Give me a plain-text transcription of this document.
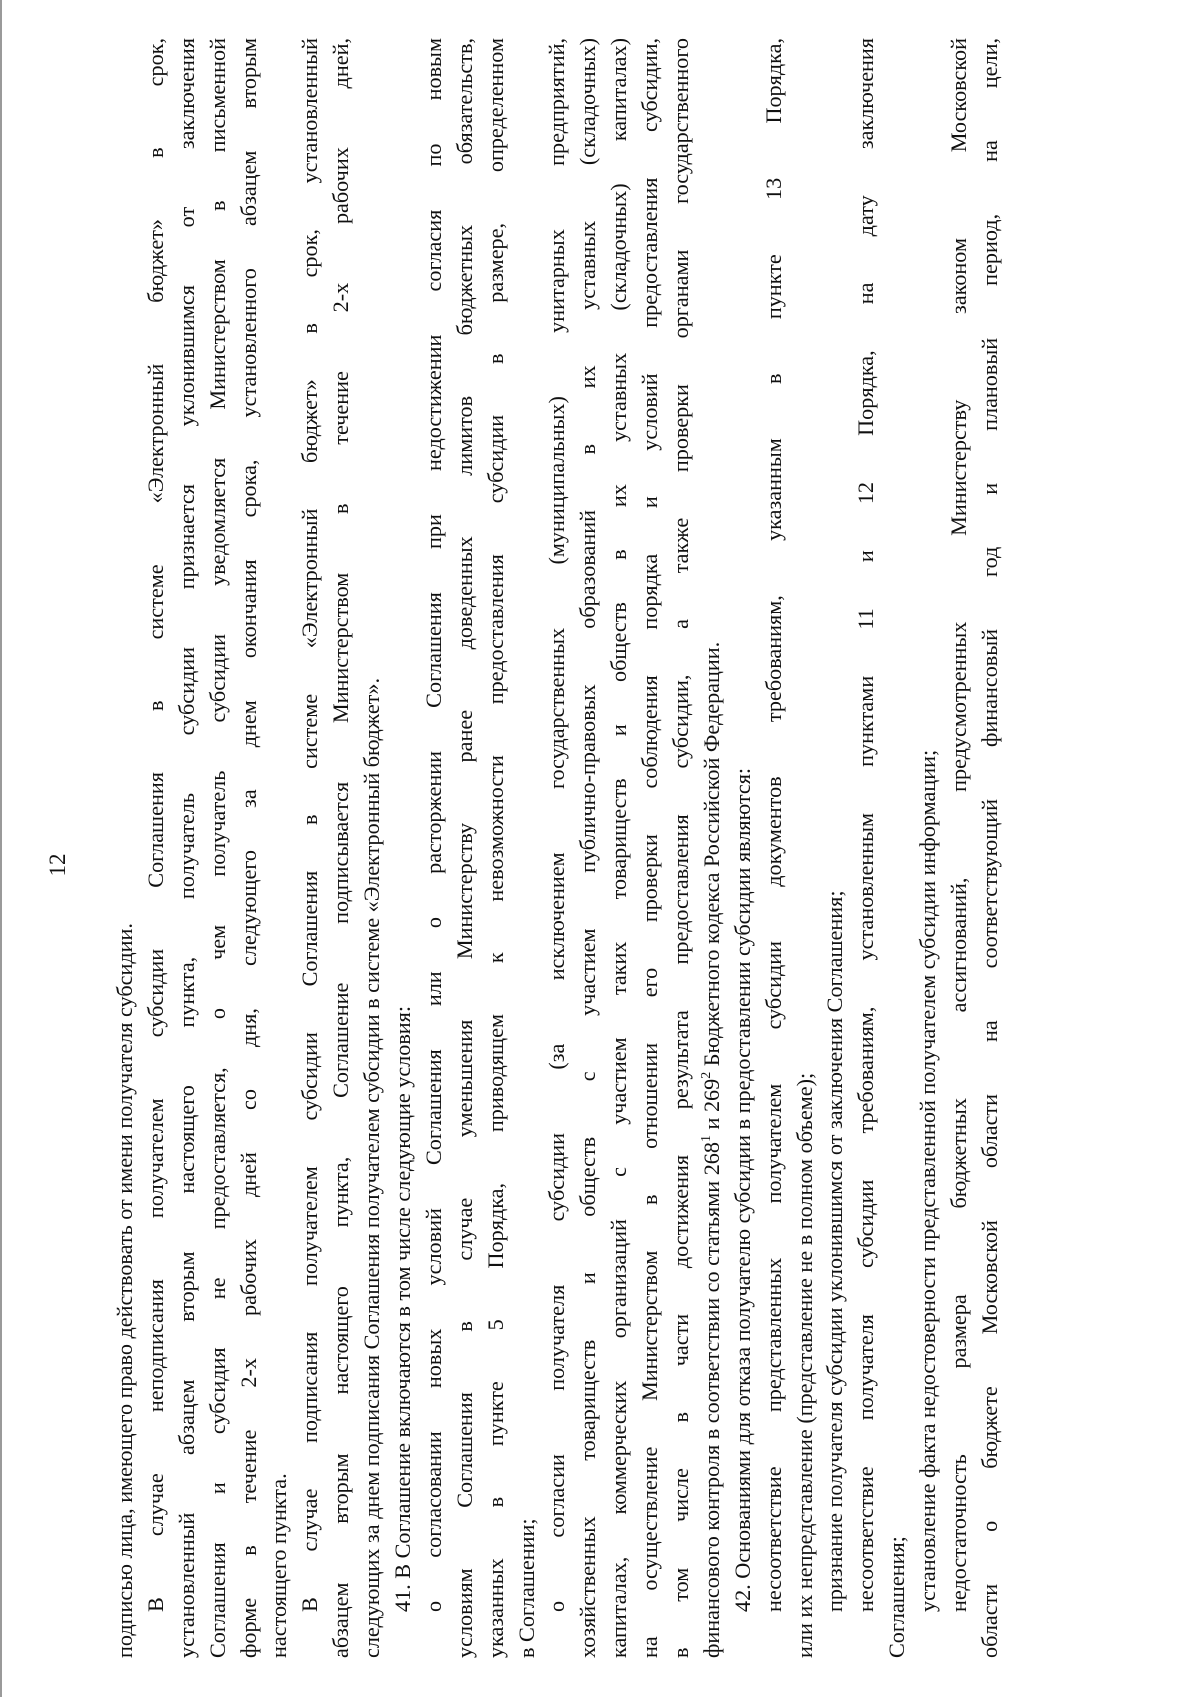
12
подписью лица, имеющего право действовать от имени получателя субсидии. В случае неподписания получателем субсидии Соглашения в системе «Электронный бюджет» в срок, установленный абзацем вторым настоящего пункта, получатель субсидии признается уклонившимся от заключения Соглашения и субсидия не предоставляется, о чем получатель субсидии уведомляется Министерством в письменной форме в течение 2-х рабочих дней со дня, следующего за днем окончания срока, установленного абзацем вторым настоящего пункта. В случае подписания получателем субсидии Соглашения в системе «Электронный бюджет» в срок, установленный абзацем вторым настоящего пункта, Соглашение подписывается Министерством в течение 2-х рабочих дней, следующих за днем подписания Соглашения получателем субсидии в системе «Электронный бюджет». 41. В Соглашение включаются в том числе следующие условия: о согласовании новых условий Соглашения или о расторжении Соглашения при недостижении согласия по новым условиям Соглашения в случае уменьшения Министерству ранее доведенных лимитов бюджетных обязательств, указанных в пункте 5 Порядка, приводящем к невозможности предоставления субсидии в размере, определенном в Соглашении; о согласии получателя субсидии (за исключением государственных (муниципальных) унитарных предприятий, хозяйственных товариществ и обществ с участием публично-правовых образований в их уставных (складочных) капиталах, коммерческих организаций с участием таких товариществ и обществ в их уставных (складочных) капиталах) на осуществление Министерством в отношении его проверки соблюдения порядка и условий предоставления субсидии, в том числе в части достижения результата предоставления субсидии, а также проверки органами государственного финансового контроля в соответствии со статьями $268^1$ и $269^2$ Бюджетного кодекса Российской Федерации. 42. Основаниями для отказа получателю субсидии в предоставлении субсидии являются: несоответствие представленных получателем субсидии документов требованиям, указанным в пункте 13 Порядка, или их непредставление (представление не в полном объеме); признание получателя субсидии уклонившимся от заключения Соглашения; несоответствие получателя субсидии требованиям, установленным пунктами 11 и 12 Порядка, на дату заключения Соглашения; установление факта недостоверности представленной получателем субсидии информации; недостаточность размера бюджетных ассигнований, предусмотренных Министерству законом Московской области о бюджете Московской области на соответствующий финансовый год и плановый период, на цели,
